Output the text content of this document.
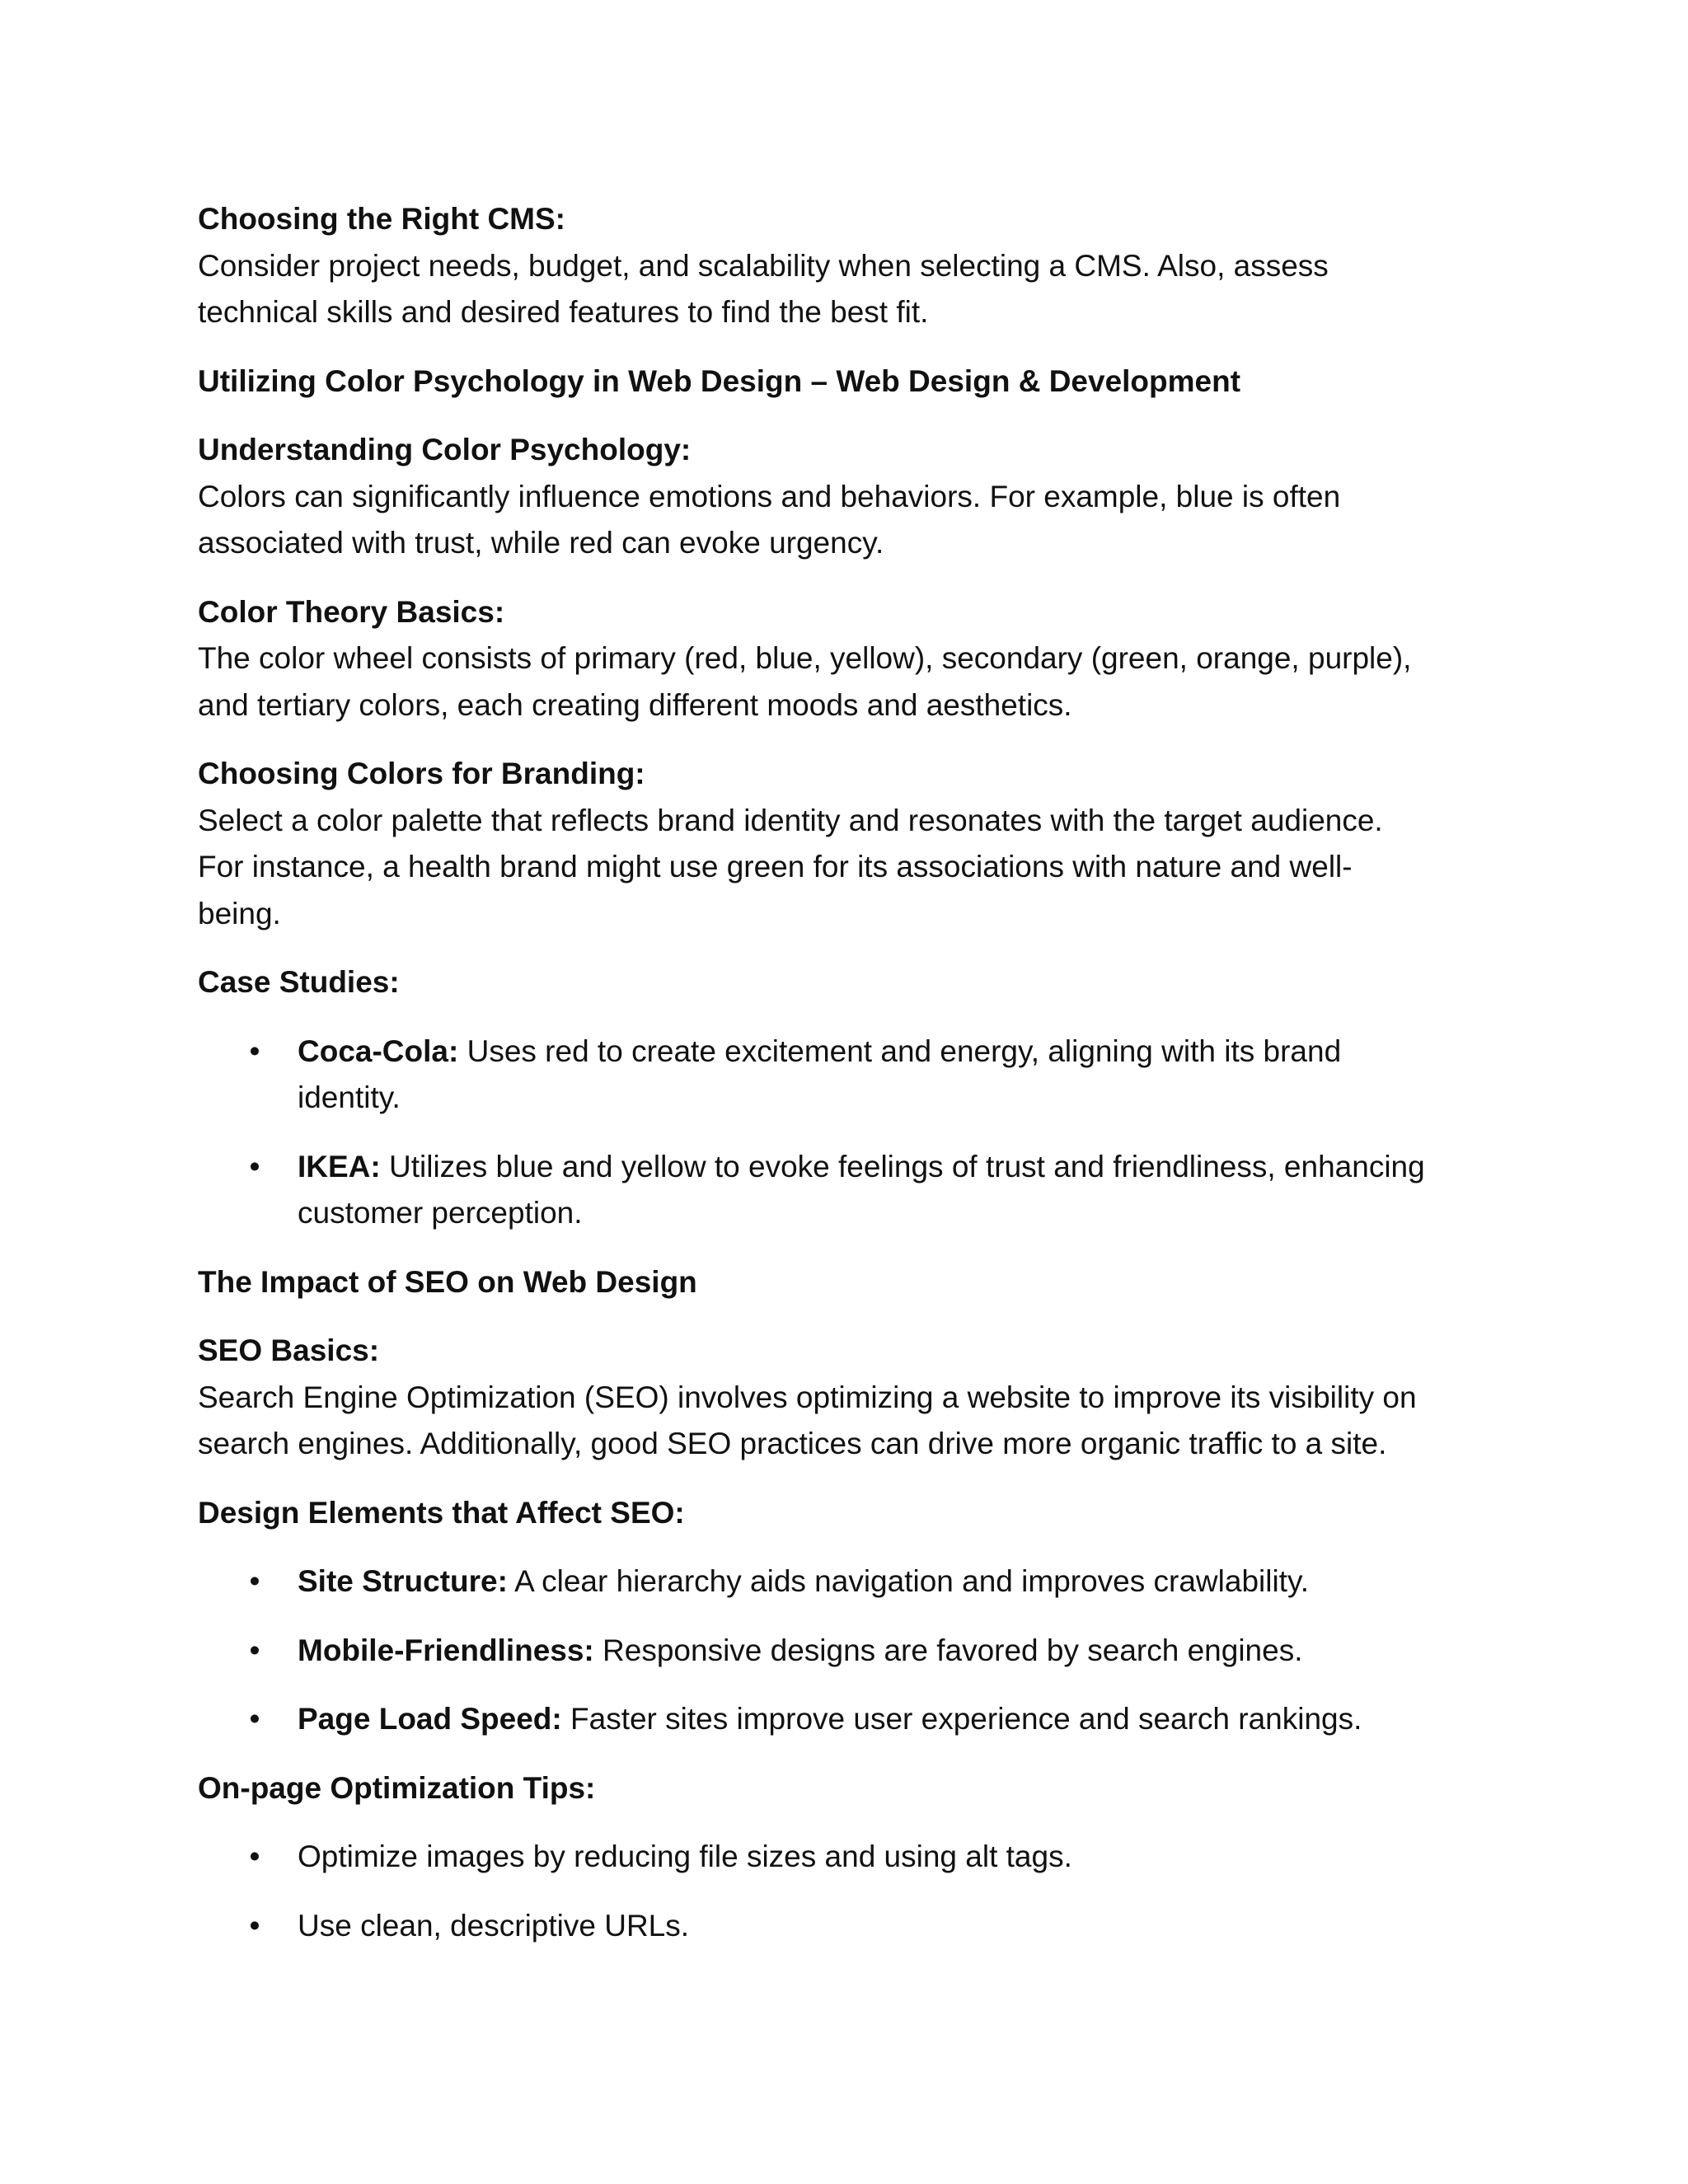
Choosing the Right CMS:

Consider project needs, budget, and scalability when selecting a CMS. Also, assess
technical skills and desired features to find the best fit.

Utilizing Color Psychology in Web Design – Web Design & Development

Understanding Color Psychology:

Colors can significantly influence emotions and behaviors. For example, blue is often
associated with trust, while red can evoke urgency.

Color Theory Basics:

The color wheel consists of primary (red, blue, yellow), secondary (green, orange, purple),
and tertiary colors, each creating different moods and aesthetics.

Choosing Colors for Branding:

Select a color palette that reflects brand identity and resonates with the target audience.
For instance, a health brand might use green for its associations with nature and well-
being.

Case Studies:

• Coca-Cola: Uses red to create excitement and energy, aligning with its brand
identity.
• IKEA: Utilizes blue and yellow to evoke feelings of trust and friendliness, enhancing
customer perception.

The Impact of SEO on Web Design

SEO Basics:

Search Engine Optimization (SEO) involves optimizing a website to improve its visibility on
search engines. Additionally, good SEO practices can drive more organic traffic to a site.

Design Elements that Affect SEO:

• Site Structure: A clear hierarchy aids navigation and improves crawlability.
• Mobile-Friendliness: Responsive designs are favored by search engines.
• Page Load Speed: Faster sites improve user experience and search rankings.

On-page Optimization Tips:

• Optimize images by reducing file sizes and using alt tags.
• Use clean, descriptive URLs.
